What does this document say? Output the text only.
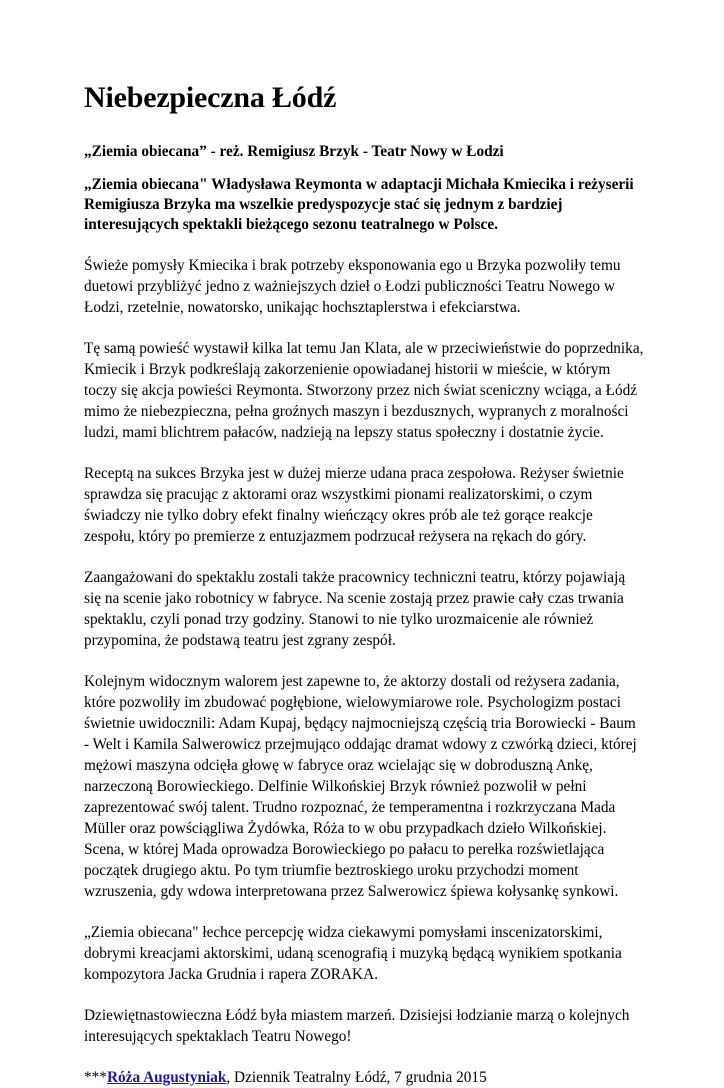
Niebezpieczna Łódź
„Ziemia obiecana” - reż. Remigiusz Brzyk - Teatr Nowy w Łodzi
„Ziemia obiecana" Władysława Reymonta w adaptacji Michała Kmiecika i reżyserii Remigiusza Brzyka ma wszelkie predyspozycje stać się jednym z bardziej interesujących spektakli bieżącego sezonu teatralnego w Polsce.

Świeże pomysły Kmiecika i brak potrzeby eksponowania ego u Brzyka pozwoliły temu duetowi przybliżyć jedno z ważniejszych dzieł o Łodzi publiczności Teatru Nowego w Łodzi, rzetelnie, nowatorsko, unikając hochsztaplerstwa i efekciarstwa.

Tę samą powieść wystawił kilka lat temu Jan Klata, ale w przeciwieństwie do poprzednika, Kmiecik i Brzyk podkreślają zakorzenienie opowiadanej historii w mieście, w którym toczy się akcja powieści Reymonta. Stworzony przez nich świat sceniczny wciąga, a Łódź mimo że niebezpieczna, pełna groźnych maszyn i bezdusznych, wypranych z moralności ludzi, mami blichtrem pałaców, nadzieją na lepszy status społeczny i dostatnie życie.

Receptą na sukces Brzyka jest w dużej mierze udana praca zespołowa. Reżyser świetnie sprawdza się pracując z aktorami oraz wszystkimi pionami realizatorskimi, o czym świadczy nie tylko dobry efekt finalny wieńczący okres prób ale też gorące reakcje zespołu, który po premierze z entuzjazmem podrzucał reżysera na rękach do góry.

Zaangażowani do spektaklu zostali także pracownicy techniczni teatru, którzy pojawiają się na scenie jako robotnicy w fabryce. Na scenie zostają przez prawie cały czas trwania spektaklu, czyli ponad trzy godziny. Stanowi to nie tylko urozmaicenie ale również przypomina, że podstawą teatru jest zgrany zespół.

Kolejnym widocznym walorem jest zapewne to, że aktorzy dostali od reżysera zadania, które pozwoliły im zbudować pogłębione, wielowymiarowe role. Psychologizm postaci świetnie uwidocznili: Adam Kupaj, będący najmocniejszą częścią tria Borowiecki - Baum - Welt i Kamila Salwerowicz przejmująco oddając dramat wdowy z czwórką dzieci, której mężowi maszyna odcięła głowę w fabryce oraz wcielając się w dobroduszną Ankę, narzeczoną Borowieckiego. Delfinie Wilkońskiej Brzyk również pozwolił w pełni zaprezentować swój talent. Trudno rozpoznać, że temperamentna i rozkrzyczana Mada Müller oraz powściągliwa Żydówka, Róża to w obu przypadkach dzieło Wilkońskiej. Scena, w której Mada oprowadza Borowieckiego po pałacu to perełka rozświetlająca początek drugiego aktu. Po tym triumfie beztroskiego uroku przychodzi moment wzruszenia, gdy wdowa interpretowana przez Salwerowicz śpiewa kołysankę synkowi.

„Ziemia obiecana" łechce percepcję widza ciekawymi pomysłami inscenizatorskimi, dobrymi kreacjami aktorskimi, udaną scenografią i muzyką będącą wynikiem spotkania kompozytora Jacka Grudnia i rapera ZORAKA.

Dziewiętnastowieczna Łódź była miastem marzeń. Dzisiejsi łodzianie marzą o kolejnych interesujących spektaklach Teatru Nowego!

***Róża Augustyniak, Dziennik Teatralny Łódź, 7 grudnia 2015
